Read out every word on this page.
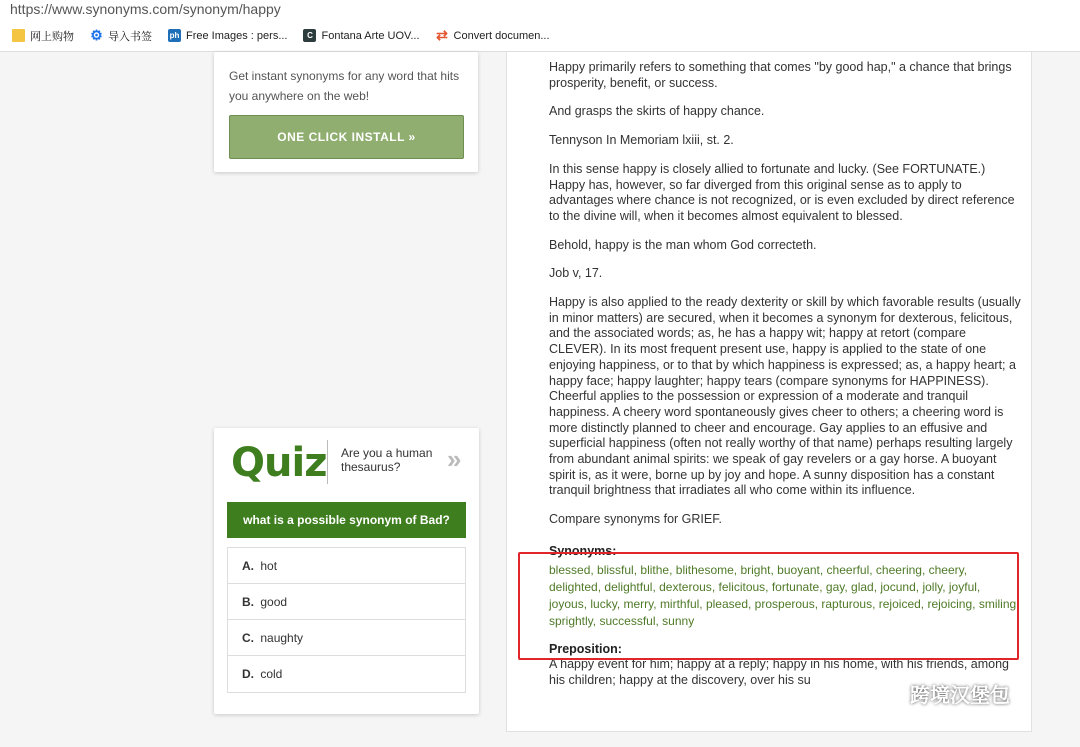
https://www.synonyms.com/synonym/happy
网上购物 ⚙ 导入书签 ph Free Images : pers...	C Fontana Arte UOV... ⇄ Convert documen...
Get instant synonyms for any word that hits you anywhere on the web!
ONE CLICK INSTALL »
Quiz Are you a human thesaurus?	»
what is a possible synonym of Bad?
A.
hot
B.
good
C.
naughty
D.
cold

Happy primarily refers to something that comes "by good hap," a chance that brings prosperity, benefit, or success.

And grasps the skirts of happy chance.

Tennyson In Memoriam lxiii, st. 2.

In this sense happy is closely allied to fortunate and lucky. (See FORTUNATE.) Happy has, however, so far diverged from this original sense as to apply to advantages where chance is not recognized, or is even excluded by direct reference to the divine will, when it becomes almost equivalent to blessed.

Behold, happy is the man whom God correcteth.

Job v, 17.

Happy is also applied to the ready dexterity or skill by which favorable results (usually in minor matters) are secured, when it becomes a synonym for dexterous, felicitous, and the associated words; as, he has a happy wit; happy at retort (compare CLEVER). In its most frequent present use, happy is applied to the state of one enjoying happiness, or to that by which happiness is expressed; as, a happy heart; a happy face; happy laughter; happy tears (compare synonyms for HAPPINESS). Cheerful applies to the possession or expression of a moderate and tranquil happiness. A cheery word spontaneously gives cheer to others; a cheering word is more distinctly planned to cheer and encourage. Gay applies to an effusive and superficial happiness (often not really worthy of that name) perhaps resulting largely from abundant animal spirits: we speak of gay revelers or a gay horse. A buoyant spirit is, as it were, borne up by joy and hope. A sunny disposition has a constant tranquil brightness that irradiates all who come within its influence.

Compare synonyms for GRIEF.

Synonyms:
blessed, blissful, blithe, blithesome, bright, buoyant, cheerful, cheering, cheery, delighted, delightful, dexterous, felicitous, fortunate, gay, glad, jocund, jolly, joyful, joyous, lucky, merry, mirthful, pleased, prosperous, rapturous, rejoiced, rejoicing, smiling, sprightly, successful, sunny
Preposition:
A happy event for him; happy at a reply; happy in his home, with his friends, among his children; happy at the discovery, over his su
跨境汉堡包
